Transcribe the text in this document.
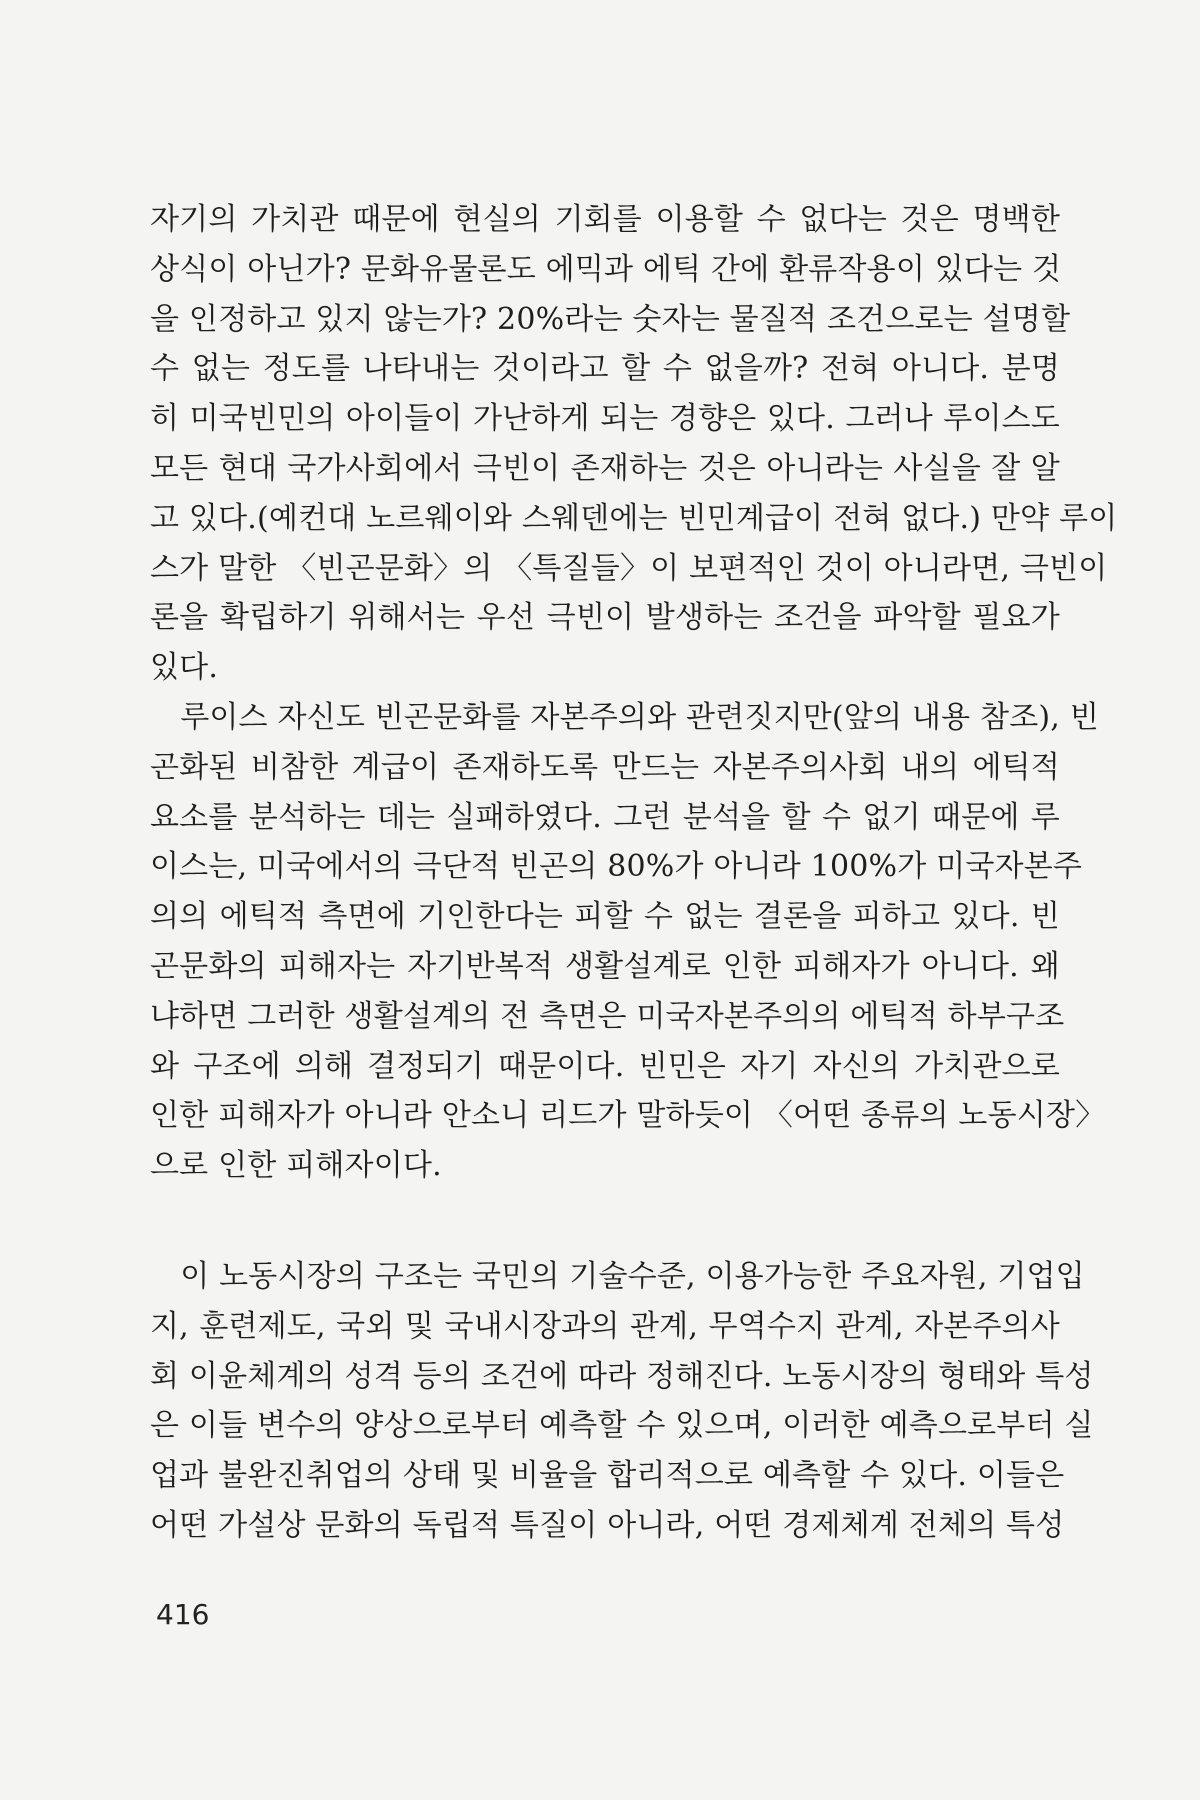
자기의 가치관 때문에 현실의 기회를 이용할 수 없다는 것은 명백한
상식이 아닌가? 문화유물론도 에믹과 에틱 간에 환류작용이 있다는 것
을 인정하고 있지 않는가? 20%라는 숫자는 물질적 조건으로는 설명할
수 없는 정도를 나타내는 것이라고 할 수 없을까? 전혀 아니다. 분명
히 미국빈민의 아이들이 가난하게 되는 경향은 있다. 그러나 루이스도
모든 현대 국가사회에서 극빈이 존재하는 것은 아니라는 사실을 잘 알
고 있다.(예컨대 노르웨이와 스웨덴에는 빈민계급이 전혀 없다.) 만약 루이
스가 말한 〈빈곤문화〉의 〈특질들〉이 보편적인 것이 아니라면, 극빈이
론을 확립하기 위해서는 우선 극빈이 발생하는 조건을 파악할 필요가
있다.
　루이스 자신도 빈곤문화를 자본주의와 관련짓지만(앞의 내용 참조), 빈
곤화된 비참한 계급이 존재하도록 만드는 자본주의사회 내의 에틱적
요소를 분석하는 데는 실패하였다. 그런 분석을 할 수 없기 때문에 루
이스는, 미국에서의 극단적 빈곤의 80%가 아니라 100%가 미국자본주
의의 에틱적 측면에 기인한다는 피할 수 없는 결론을 피하고 있다. 빈
곤문화의 피해자는 자기반복적 생활설계로 인한 피해자가 아니다. 왜
냐하면 그러한 생활설계의 전 측면은 미국자본주의의 에틱적 하부구조
와 구조에 의해 결정되기 때문이다. 빈민은 자기 자신의 가치관으로
인한 피해자가 아니라 안소니 리드가 말하듯이 〈어떤 종류의 노동시장〉
으로 인한 피해자이다.
　이 노동시장의 구조는 국민의 기술수준, 이용가능한 주요자원, 기업입
지, 훈련제도, 국외 및 국내시장과의 관계, 무역수지 관계, 자본주의사
회 이윤체계의 성격 등의 조건에 따라 정해진다. 노동시장의 형태와 특성
은 이들 변수의 양상으로부터 예측할 수 있으며, 이러한 예측으로부터 실
업과 불완진취업의 상태 및 비율을 합리적으로 예측할 수 있다. 이들은
어떤 가설상 문화의 독립적 특질이 아니라, 어떤 경제체계 전체의 특성
416
